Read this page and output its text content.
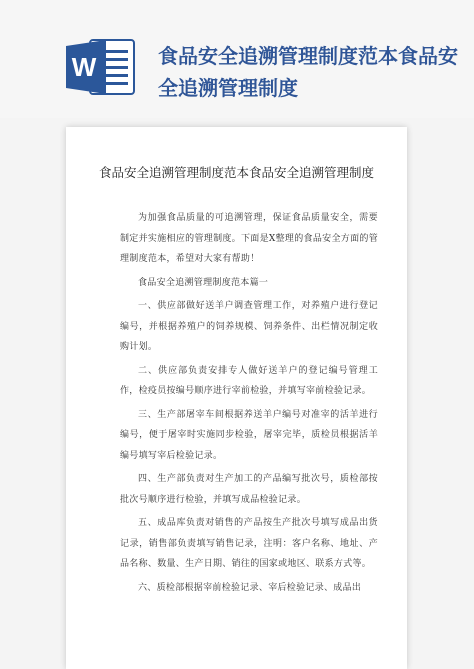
W	食品安全追溯管理制度范本食品安全追溯管理制度
食品安全追溯管理制度范本食品安全追溯管理制度

为加强食品质量的可追溯管理，保证食品质量安全，需要制定并实施相应的管理制度。下面是X整理的食品安全方面的管理制度范本，希望对大家有帮助！

食品安全追溯管理制度范本篇一

一、供应部做好送羊户调查管理工作，对养殖户进行登记编号，并根据养殖户的饲养规模、饲养条件、出栏情况制定收购计划。

二、供应部负责安排专人做好送羊户的登记编号管理工作，检疫员按编号顺序进行宰前检验，并填写宰前检验记录。

三、生产部屠宰车间根据养送羊户编号对准宰的活羊进行编号，便于屠宰时实施同步检验，屠宰完毕，质检员根据活羊编号填写宰后检验记录。

四、生产部负责对生产加工的产品编写批次号，质检部按批次号顺序进行检验，并填写成品检验记录。

五、成品库负责对销售的产品按生产批次号填写成品出货记录，销售部负责填写销售记录，注明：客户名称、地址、产品名称、数量、生产日期、销往的国家或地区、联系方式等。

六、质检部根据宰前检验记录、宰后检验记录、成品出
